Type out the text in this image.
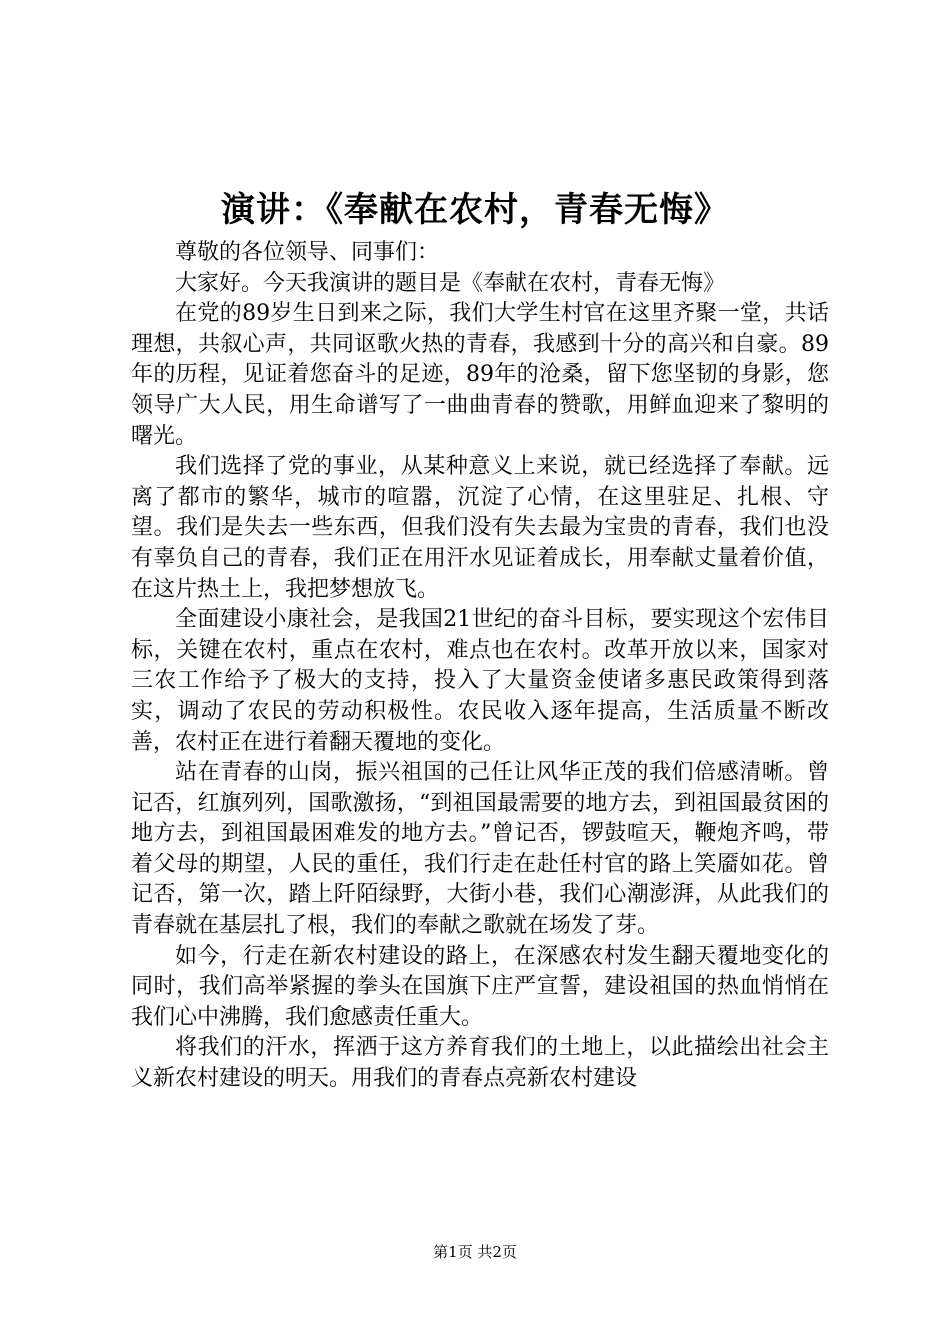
演讲：《奉献在农村，青春无悔》

尊敬的各位领导、同事们：

大家好。今天我演讲的题目是《奉献在农村，青春无悔》

在党的89岁生日到来之际，我们大学生村官在这里齐聚一堂，共话理想，共叙心声，共同讴歌火热的青春，我感到十分的高兴和自豪。89年的历程，见证着您奋斗的足迹，89年的沧桑，留下您坚韧的身影，您领导广大人民，用生命谱写了一曲曲青春的赞歌，用鲜血迎来了黎明的曙光。

我们选择了党的事业，从某种意义上来说，就已经选择了奉献。远离了都市的繁华，城市的喧嚣，沉淀了心情，在这里驻足、扎根、守望。我们是失去一些东西，但我们没有失去最为宝贵的青春，我们也没有辜负自己的青春，我们正在用汗水见证着成长，用奉献丈量着价值，在这片热土上，我把梦想放飞。

全面建设小康社会，是我国21世纪的奋斗目标，要实现这个宏伟目标，关键在农村，重点在农村，难点也在农村。改革开放以来，国家对三农工作给予了极大的支持，投入了大量资金使诸多惠民政策得到落实，调动了农民的劳动积极性。农民收入逐年提高，生活质量不断改善，农村正在进行着翻天覆地的变化。

站在青春的山岗，振兴祖国的己任让风华正茂的我们倍感清晰。曾记否，红旗列列，国歌激扬，“到祖国最需要的地方去，到祖国最贫困的地方去，到祖国最困难发的地方去。”曾记否，锣鼓喧天，鞭炮齐鸣，带着父母的期望，人民的重任，我们行走在赴任村官的路上笑靥如花。曾记否，第一次，踏上阡陌绿野，大街小巷，我们心潮澎湃，从此我们的青春就在基层扎了根，我们的奉献之歌就在场发了芽。

如今，行走在新农村建设的路上，在深感农村发生翻天覆地变化的同时，我们高举紧握的拳头在国旗下庄严宣誓，建设祖国的热血悄悄在我们心中沸腾，我们愈感责任重大。

将我们的汗水，挥洒于这方养育我们的土地上，以此描绘出社会主义新农村建设的明天。用我们的青春点亮新农村建设

第1页 共2页
